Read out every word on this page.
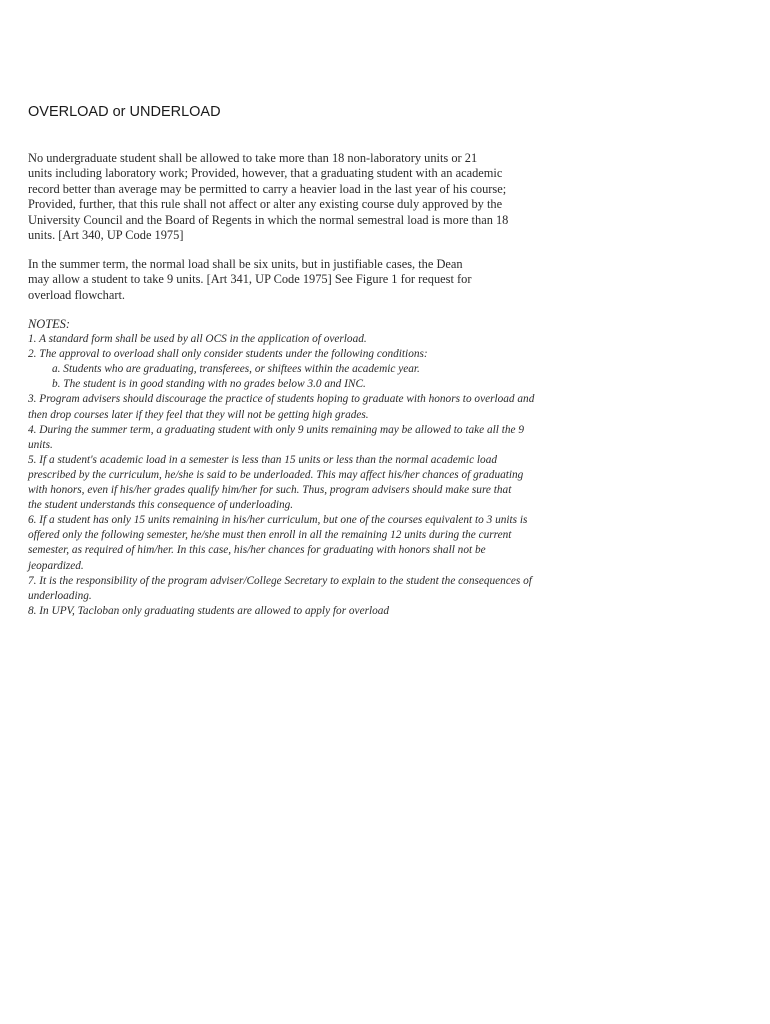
OVERLOAD or UNDERLOAD
No undergraduate student shall be allowed to take more than 18 non-laboratory units or 21
units including laboratory work; Provided, however, that a graduating student with an academic
record better than average may be permitted to carry a heavier load in the last year of his course;
Provided, further, that this rule shall not affect or alter any existing course duly approved by the
University Council and the Board of Regents in which the normal semestral load is more than 18
units. [Art 340, UP Code 1975]
In the summer term, the normal load shall be six units, but in justifiable cases, the Dean
may allow a student to take 9 units. [Art 341, UP Code 1975] See Figure 1 for request for
overload flowchart.
NOTES:
1. A standard form shall be used by all OCS in the application of overload.
2. The approval to overload shall only consider students under the following conditions:
a. Students who are graduating, transferees, or shiftees within the academic year.
b. The student is in good standing with no grades below 3.0 and INC.
3. Program advisers should discourage the practice of students hoping to graduate with honors to overload and
then drop courses later if they feel that they will not be getting high grades.
4. During the summer term, a graduating student with only 9 units remaining may be allowed to take all the 9
units.
5. If a student's academic load in a semester is less than 15 units or less than the normal academic load
prescribed by the curriculum, he/she is said to be underloaded. This may affect his/her chances of graduating
with honors, even if his/her grades qualify him/her for such. Thus, program advisers should make sure that
the student understands this consequence of underloading.
6. If a student has only 15 units remaining in his/her curriculum, but one of the courses equivalent to 3 units is
offered only the following semester, he/she must then enroll in all the remaining 12 units during the current
semester, as required of him/her. In this case, his/her chances for graduating with honors shall not be
jeopardized.
7. It is the responsibility of the program adviser/College Secretary to explain to the student the consequences of
underloading.
8. In UPV, Tacloban only graduating students are allowed to apply for overload
